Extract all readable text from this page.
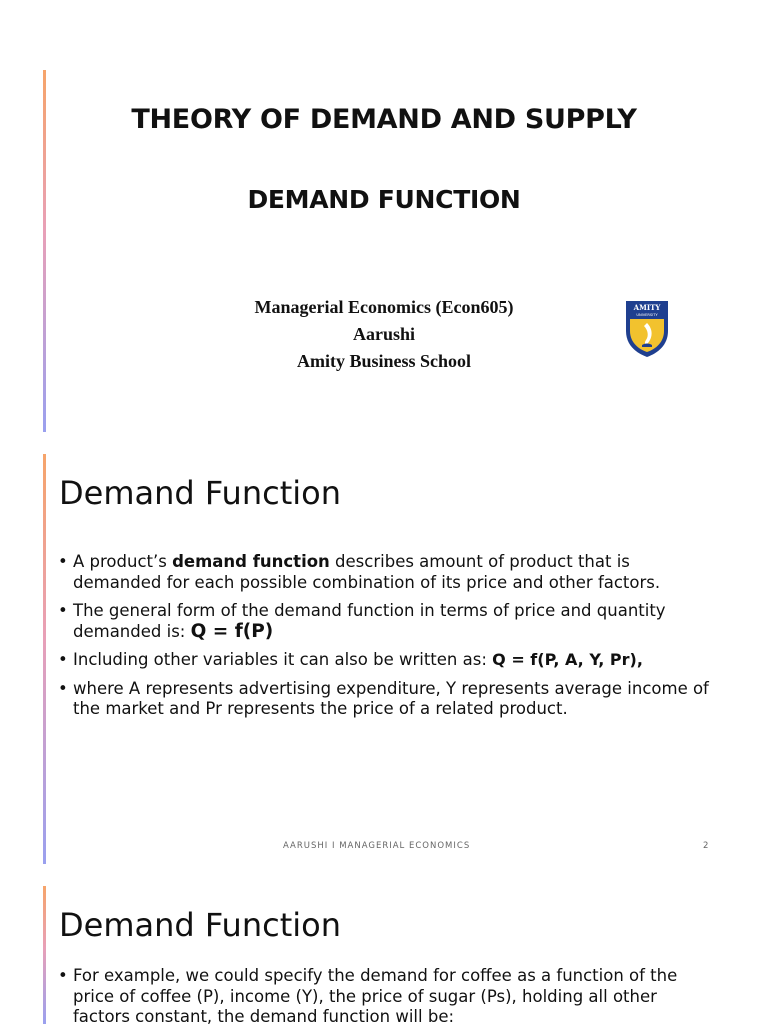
THEORY OF DEMAND AND SUPPLY
DEMAND FUNCTION
Managerial Economics (Econ605)
Aarushi
Amity Business School
AMITY
UNIVERSITY
Demand Function
• A product’s demand function describes amount of product that is demanded for each possible combination of its price and other factors.
• The general form of the demand function in terms of price and quantity demanded is: Q = f(P)
• Including other variables it can also be written as: Q = f(P, A, Y, Pr),
• where A represents advertising expenditure, Y represents average income of the market and Pr represents the price of a related product.
AARUSHI I MANAGERIAL ECONOMICS	2
Demand Function
• For example, we could specify the demand for coffee as a function of the price of coffee (P), income (Y), the price of sugar (Ps), holding all other factors constant, the demand function will be:
